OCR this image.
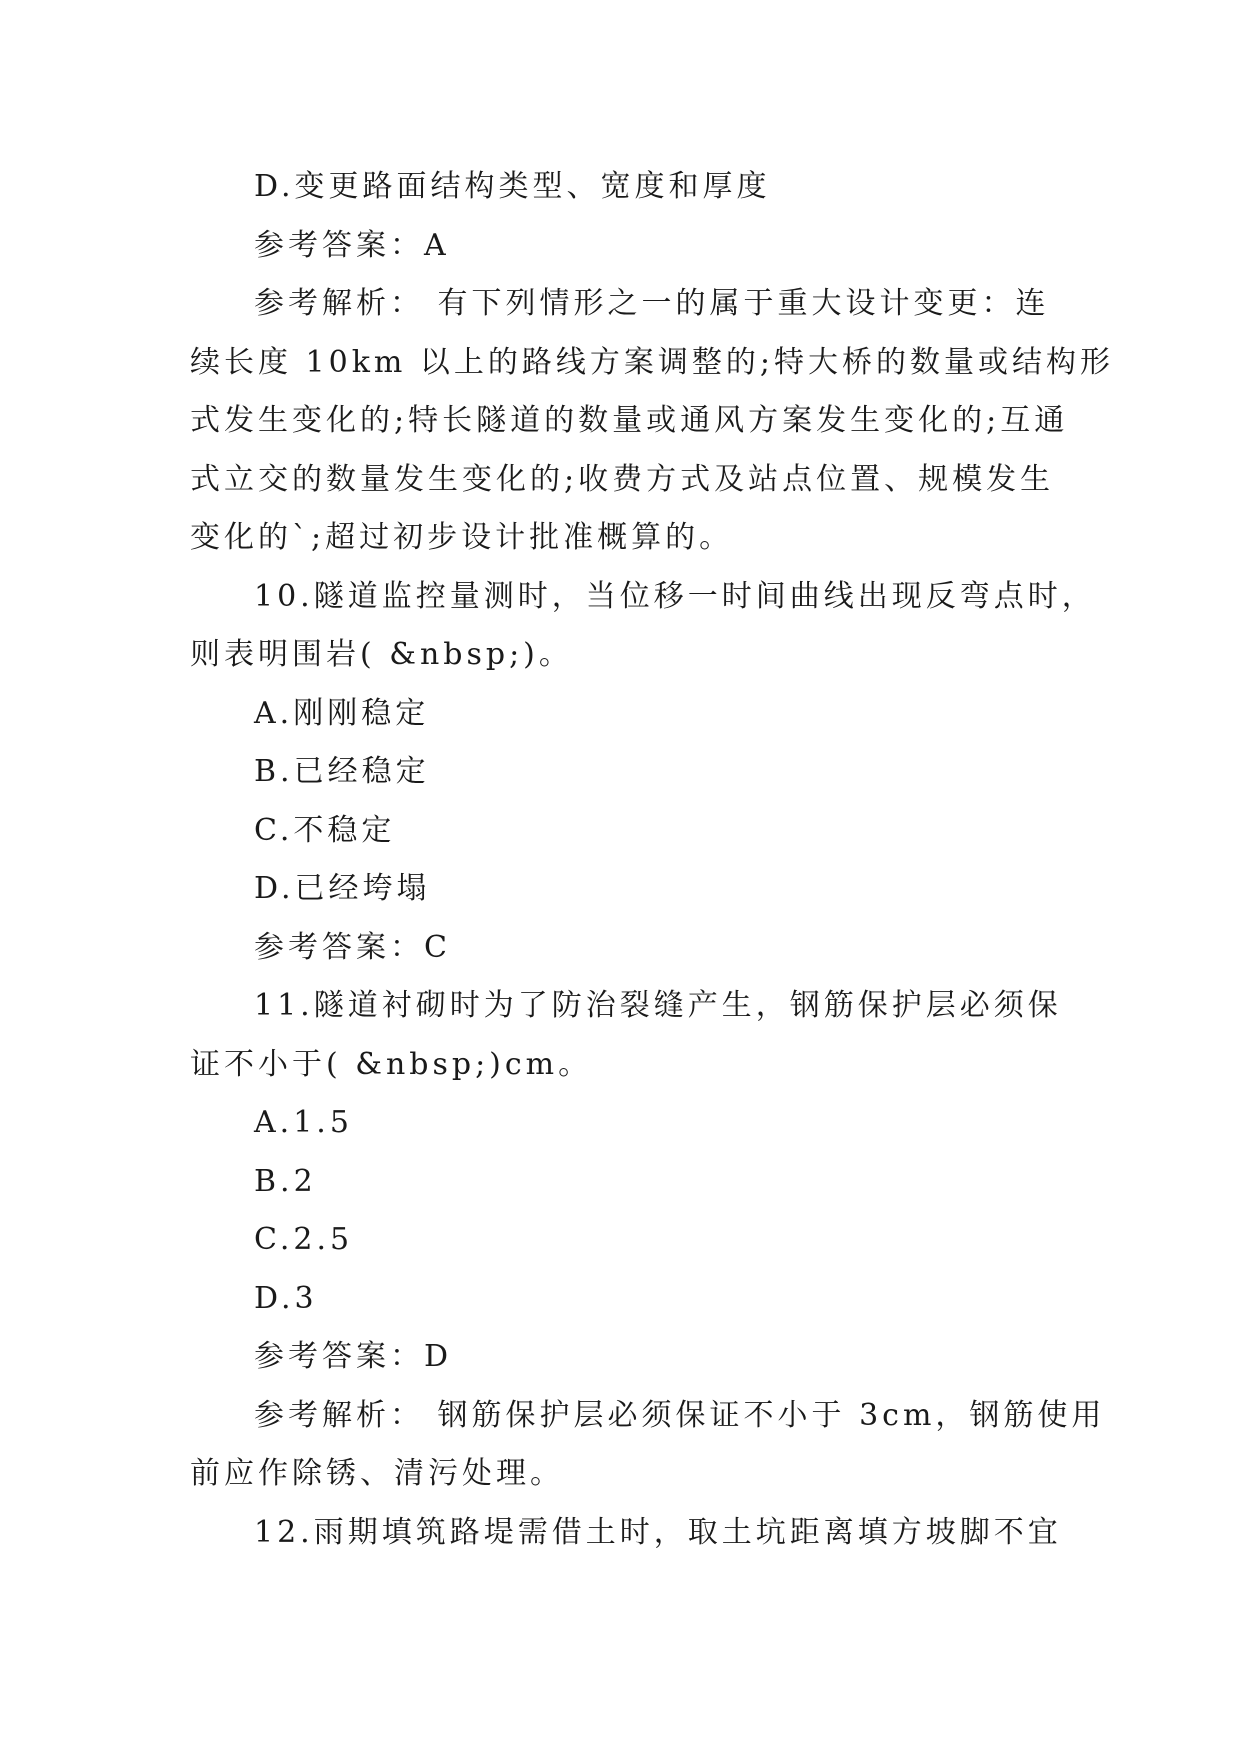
D.变更路面结构类型、宽度和厚度
参考答案：A
参考解析： 有下列情形之一的属于重大设计变更：连
续长度 10km 以上的路线方案调整的;特大桥的数量或结构形
式发生变化的;特长隧道的数量或通风方案发生变化的;互通
式立交的数量发生变化的;收费方式及站点位置、规模发生
变化的`;超过初步设计批准概算的。
10.隧道监控量测时，当位移一时间曲线出现反弯点时，
则表明围岩( &nbsp;)。
A.刚刚稳定
B.已经稳定
C.不稳定
D.已经垮塌
参考答案：C
11.隧道衬砌时为了防治裂缝产生，钢筋保护层必须保
证不小于( &nbsp;)cm。
A.1.5
B.2
C.2.5
D.3
参考答案：D
参考解析： 钢筋保护层必须保证不小于 3cm，钢筋使用
前应作除锈、清污处理。
12.雨期填筑路堤需借土时，取土坑距离填方坡脚不宜
